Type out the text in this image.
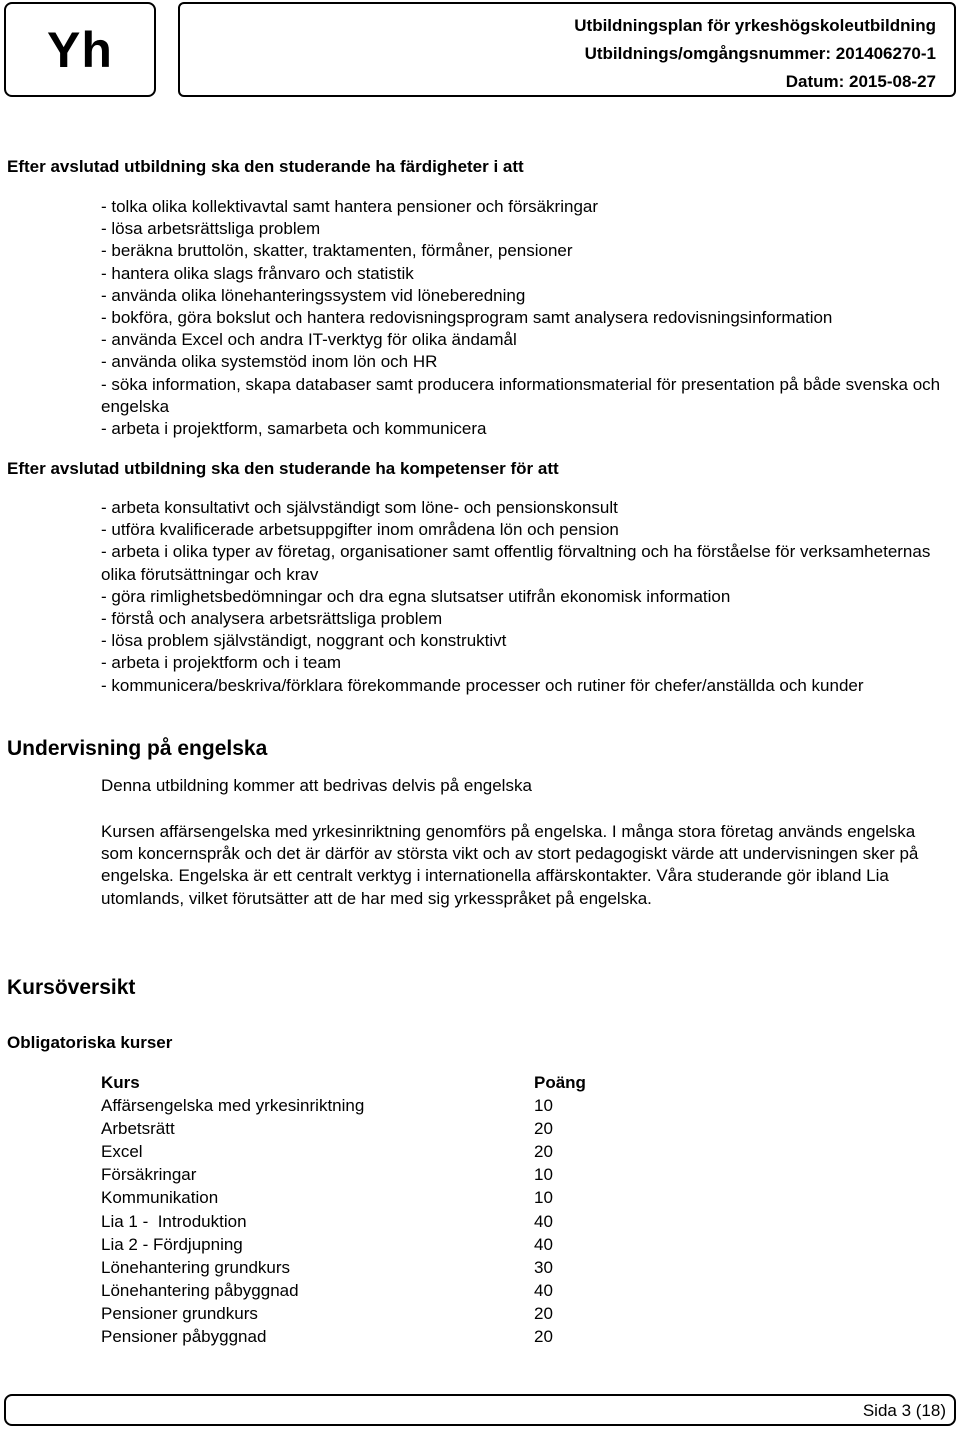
Yh	Utbildningsplan för yrkeshögskoleutbildning
Utbildnings/omgångsnummer: 201406270-1
Datum: 2015-08-27
Efter avslutad utbildning ska den studerande ha färdigheter i att
- tolka olika kollektivavtal samt hantera pensioner och försäkringar
- lösa arbetsrättsliga problem
- beräkna bruttolön, skatter, traktamenten, förmåner, pensioner
- hantera olika slags frånvaro och statistik
- använda olika lönehanteringssystem vid löneberedning
- bokföra, göra bokslut och hantera redovisningsprogram samt analysera redovisningsinformation
- använda Excel och andra IT-verktyg för olika ändamål
- använda olika systemstöd inom lön och HR
- söka information, skapa databaser samt producera informationsmaterial för presentation på både svenska och engelska
- arbeta i projektform, samarbeta och kommunicera
Efter avslutad utbildning ska den studerande ha kompetenser för att
- arbeta konsultativt och självständigt som löne- och pensionskonsult
- utföra kvalificerade arbetsuppgifter inom områdena lön och pension
- arbeta i olika typer av företag, organisationer samt offentlig förvaltning och ha förståelse för verksamheternas olika förutsättningar och krav
- göra rimlighetsbedömningar och dra egna slutsatser utifrån ekonomisk information
- förstå och analysera arbetsrättsliga problem
- lösa problem självständigt, noggrant och konstruktivt
- arbeta i projektform och i team
- kommunicera/beskriva/förklara förekommande processer och rutiner för chefer/anställda och kunder
Undervisning på engelska
Denna utbildning kommer att bedrivas delvis på engelska
Kursen affärsengelska med yrkesinriktning genomförs på engelska. I många stora företag används engelska som koncernspråk och det är därför av största vikt och av stort pedagogiskt värde att undervisningen sker på engelska. Engelska är ett centralt verktyg i internationella affärskontakter. Våra studerande gör ibland Lia utomlands, vilket förutsätter att de har med sig yrkesspråket på engelska.
Kursöversikt
Obligatoriska kurser
Kurs	Poäng
Affärsengelska med yrkesinriktning	10
Arbetsrätt	20
Excel	20
Försäkringar	10
Kommunikation	10
Lia 1 -  Introduktion	40
Lia 2 - Fördjupning	40
Lönehantering grundkurs	30
Lönehantering påbyggnad	40
Pensioner grundkurs	20
Pensioner påbyggnad	20
Sida 3 (18)
